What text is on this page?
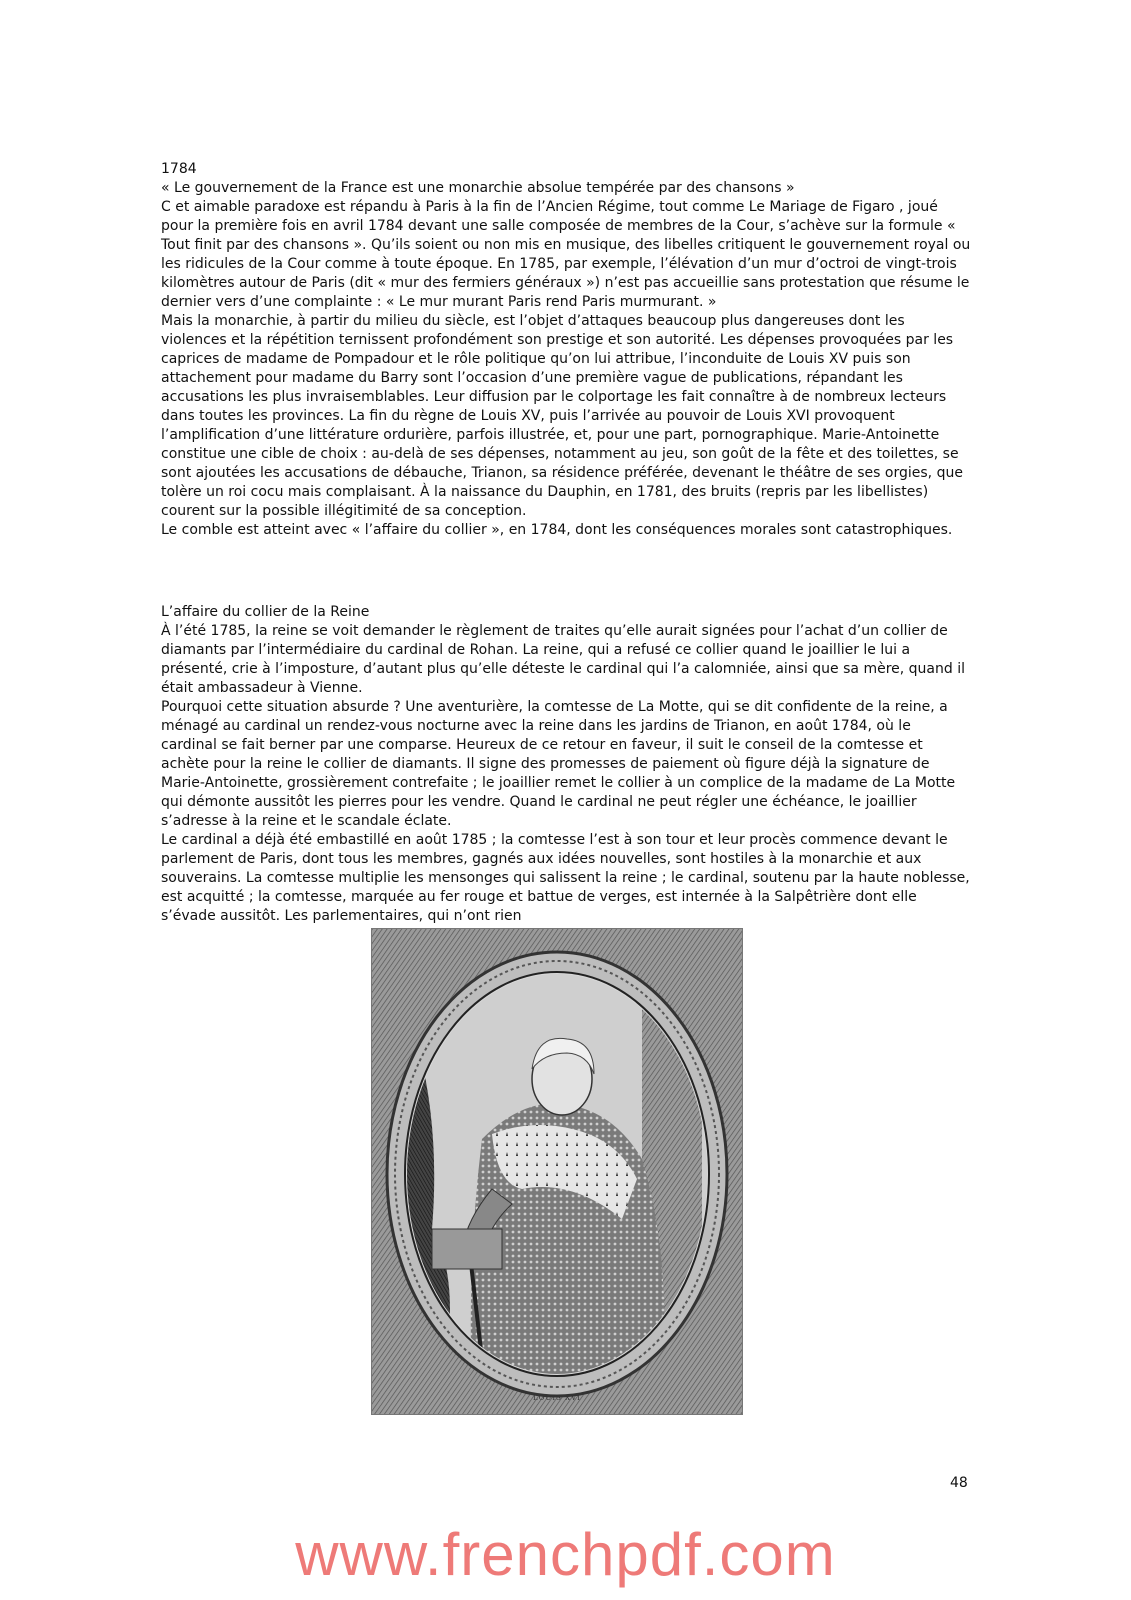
1784

« Le gouvernement de la France est une monarchie absolue tempérée par des chansons »

C et aimable paradoxe est répandu à Paris à la fin de l’Ancien Régime, tout comme Le Mariage de Figaro , joué pour la première fois en avril 1784 devant une salle composée de membres de la Cour, s’achève sur la formule « Tout finit par des chansons ». Qu’ils soient ou non mis en musique, des libelles critiquent le gouvernement royal ou les ridicules de la Cour comme à toute époque. En 1785, par exemple, l’élévation d’un mur d’octroi de vingt-trois kilomètres autour de Paris (dit « mur des fermiers généraux ») n’est pas accueillie sans protestation que résume le dernier vers d’une complainte : « Le mur murant Paris rend Paris murmurant. »

Mais la monarchie, à partir du milieu du siècle, est l’objet d’attaques beaucoup plus dangereuses dont les violences et la répétition ternissent profondément son prestige et son autorité. Les dépenses provoquées par les caprices de madame de Pompadour et le rôle politique qu’on lui attribue, l’inconduite de Louis XV puis son attachement pour madame du Barry sont l’occasion d’une première vague de publications, répandant les accusations les plus invraisemblables. Leur diffusion par le colportage les fait connaître à de nombreux lecteurs dans toutes les provinces. La fin du règne de Louis XV, puis l’arrivée au pouvoir de Louis XVI provoquent l’amplification d’une littérature ordurière, parfois illustrée, et, pour une part, pornographique. Marie-Antoinette constitue une cible de choix : au-delà de ses dépenses, notamment au jeu, son goût de la fête et des toilettes, se sont ajoutées les accusations de débauche, Trianon, sa résidence préférée, devenant le théâtre de ses orgies, que tolère un roi cocu mais complaisant. À la naissance du Dauphin, en 1781, des bruits (repris par les libellistes) courent sur la possible illégitimité de sa conception.

Le comble est atteint avec « l’affaire du collier », en 1784, dont les conséquences morales sont catastrophiques.

L’affaire du collier de la Reine

À l’été 1785, la reine se voit demander le règlement de traites qu’elle aurait signées pour l’achat d’un collier de diamants par l’intermédiaire du cardinal de Rohan. La reine, qui a refusé ce collier quand le joaillier le lui a présenté, crie à l’imposture, d’autant plus qu’elle déteste le cardinal qui l’a calomniée, ainsi que sa mère, quand il était ambassadeur à Vienne.

Pourquoi cette situation absurde ? Une aventurière, la comtesse de La Motte, qui se dit confidente de la reine, a ménagé au cardinal un rendez-vous nocturne avec la reine dans les jardins de Trianon, en août 1784, où le cardinal se fait berner par une comparse. Heureux de ce retour en faveur, il suit le conseil de la comtesse et achète pour la reine le collier de diamants. Il signe des promesses de paiement où figure déjà la signature de Marie-Antoinette, grossièrement contrefaite ; le joaillier remet le collier à un complice de la madame de La Motte qui démonte aussitôt les pierres pour les vendre. Quand le cardinal ne peut régler une échéance, le joaillier s’adresse à la reine et le scandale éclate.

Le cardinal a déjà été embastillé en août 1785 ; la comtesse l’est à son tour et leur procès commence devant le parlement de Paris, dont tous les membres, gagnés aux idées nouvelles, sont hostiles à la monarchie et aux souverains. La comtesse multiplie les mensonges qui salissent la reine ; le cardinal, soutenu par la haute noblesse, est acquitté ; la comtesse, marquée au fer rouge et battue de verges, est internée à la Salpêtrière dont elle s’évade aussitôt. Les parlementaires, qui n’ont rien

LOUIS XVI
48
www.frenchpdf.com
